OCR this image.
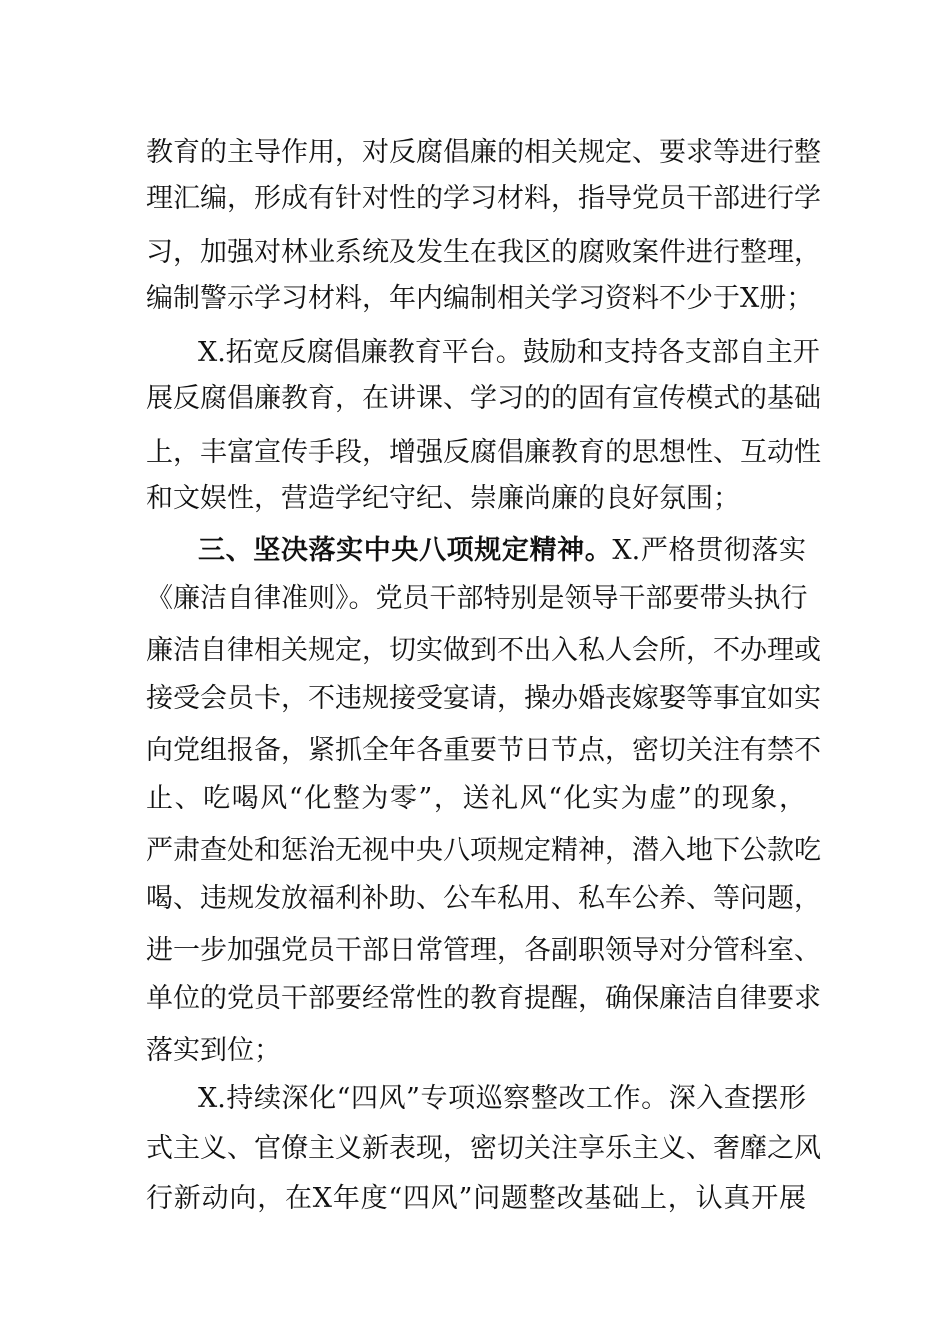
教育的主导作用，对反腐倡廉的相关规定、要求等进行整
理汇编，形成有针对性的学习材料，指导党员干部进行学
习，加强对林业系统及发生在我区的腐败案件进行整理，
编制警示学习材料，年内编制相关学习资料不少于X册；
X.拓宽反腐倡廉教育平台。鼓励和支持各支部自主开
展反腐倡廉教育，在讲课、学习的的固有宣传模式的基础
上，丰富宣传手段，增强反腐倡廉教育的思想性、互动性
和文娱性，营造学纪守纪、崇廉尚廉的良好氛围；
三、坚决落实中央八项规定精神。X.严格贯彻落实
《廉洁自律准则》。党员干部特别是领导干部要带头执行
廉洁自律相关规定，切实做到不出入私人会所，不办理或
接受会员卡，不违规接受宴请，操办婚丧嫁娶等事宜如实
向党组报备，紧抓全年各重要节日节点，密切关注有禁不
止、吃喝风“化整为零”，送礼风“化实为虚”的现象，
严肃查处和惩治无视中央八项规定精神，潜入地下公款吃
喝、违规发放福利补助、公车私用、私车公养、等问题，
进一步加强党员干部日常管理，各副职领导对分管科室、
单位的党员干部要经常性的教育提醒，确保廉洁自律要求
落实到位；
X.持续深化“四风”专项巡察整改工作。深入查摆形
式主义、官僚主义新表现，密切关注享乐主义、奢靡之风
行新动向，在X年度“四风”问题整改基础上，认真开展
